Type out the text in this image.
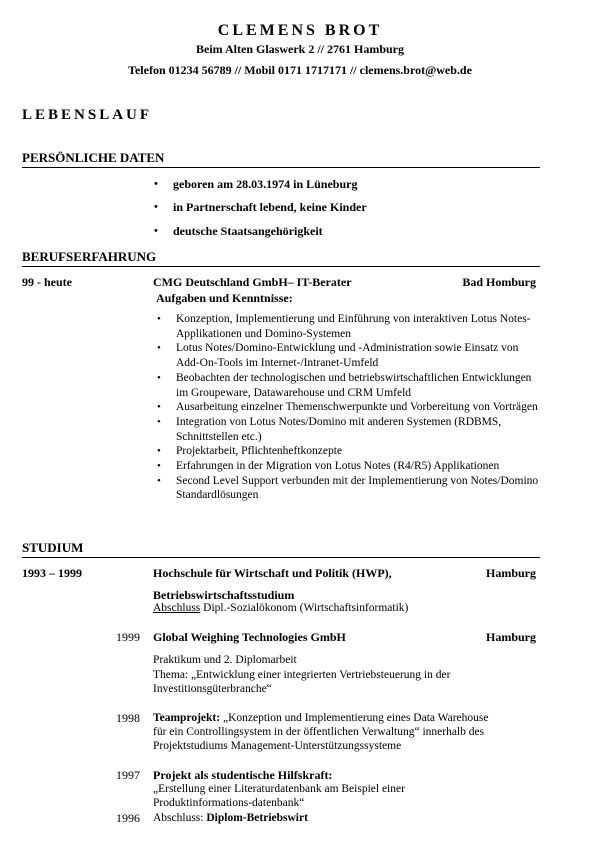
CLEMENS BROT
Beim Alten Glaswerk 2 // 2761 Hamburg
Telefon 01234 56789 // Mobil 0171 1717171 // clemens.brot@web.de
LEBENSLAUF
PERSÖNLICHE DATEN
• geboren am 28.03.1974 in Lüneburg
• in Partnerschaft lebend, keine Kinder
• deutsche Staatsangehörigkeit
BERUFSERFAHRUNG
99 - heute	CMG Deutschland GmbH– IT-Berater	Bad Homburg
Aufgaben und Kenntnisse:
• Konzeption, Implementierung und Einführung von interaktiven Lotus Notes-Applikationen und Domino-Systemen
• Lotus Notes/Domino-Entwicklung und -Administration sowie Einsatz von Add-On-Tools im Internet-/Intranet-Umfeld
• Beobachten der technologischen und betriebswirtschaftlichen Entwicklungen im Groupeware, Datawarehouse und CRM Umfeld
• Ausarbeitung einzelner Themenschwerpunkte und Vorbereitung von Vorträgen
• Integration von Lotus Notes/Domino mit anderen Systemen (RDBMS, Schnittstellen etc.)
• Projektarbeit, Pflichtenheftkonzepte
• Erfahrungen in der Migration von Lotus Notes (R4/R5) Applikationen
• Second Level Support verbunden mit der Implementierung von Notes/Domino Standardlösungen
STUDIUM
1993 – 1999	Hochschule für Wirtschaft und Politik (HWP),	Hamburg
Betriebswirtschaftsstudium
Abschluss Dipl.-Sozialökonom (Wirtschaftsinformatik)
1999 Global Weighing Technologies GmbH	Hamburg
Praktikum und 2. Diplomarbeit
Thema: „Entwicklung einer integrierten Vertriebsteuerung in der
Investitionsgüterbranche“
1998 Teamprojekt: „Konzeption und Implementierung eines Data Warehouse
für ein Controllingsystem in der öffentlichen Verwaltung“ innerhalb des
Projektstudiums Management-Unterstützungssysteme
1997 Projekt als studentische Hilfskraft:
„Erstellung einer Literaturdatenbank am Beispiel einer
Produktinformations-datenbank“
1996 Abschluss: Diplom-Betriebswirt
